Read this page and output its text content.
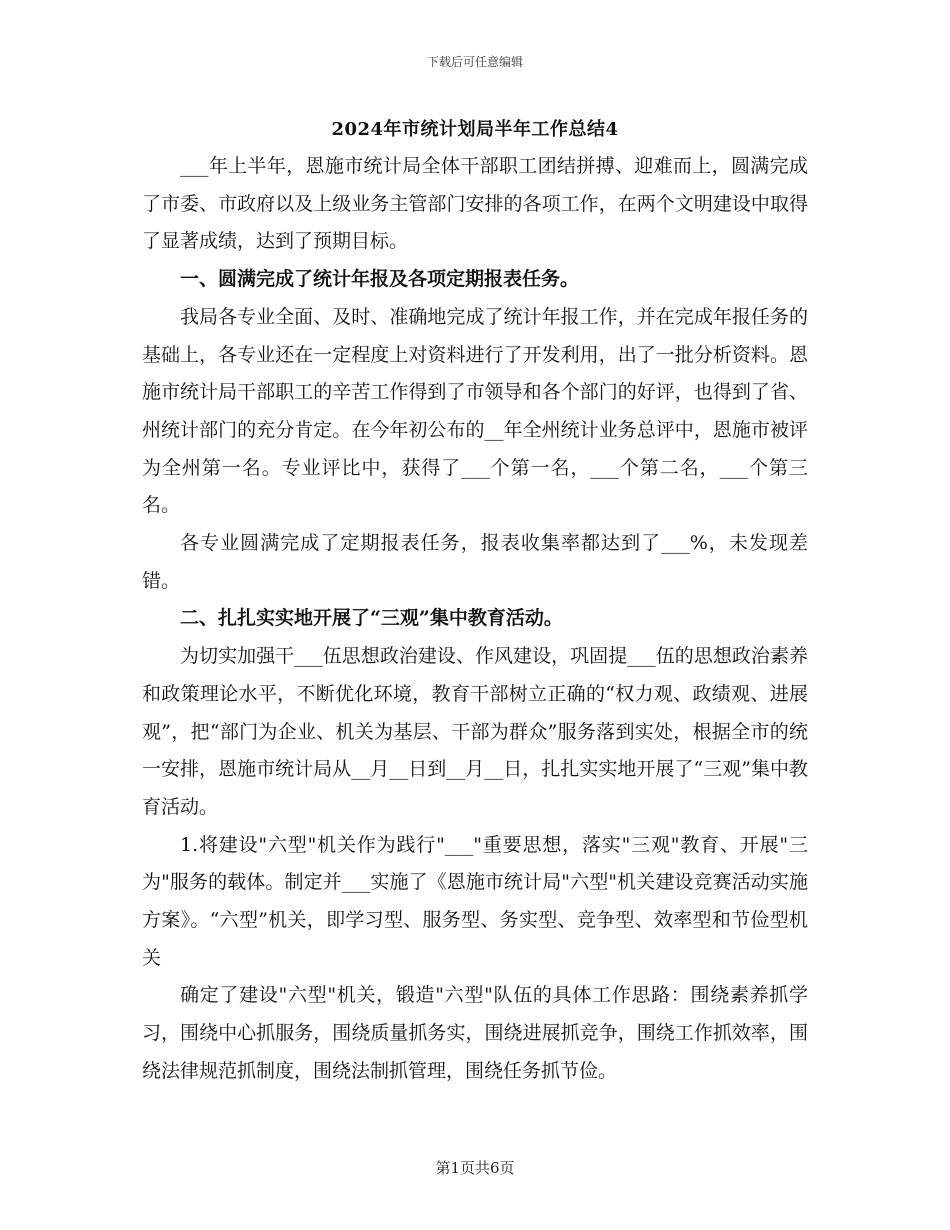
下载后可任意编辑
2024年市统计划局半年工作总结4

___年上半年，恩施市统计局全体干部职工团结拼搏、迎难而上，圆满完成了市委、市政府以及上级业务主管部门安排的各项工作，在两个文明建设中取得了显著成绩，达到了预期目标。

一、圆满完成了统计年报及各项定期报表任务。

我局各专业全面、及时、准确地完成了统计年报工作，并在完成年报任务的基础上，各专业还在一定程度上对资料进行了开发利用，出了一批分析资料。恩施市统计局干部职工的辛苦工作得到了市领导和各个部门的好评，也得到了省、州统计部门的充分肯定。在今年初公布的__年全州统计业务总评中，恩施市被评为全州第一名。专业评比中，获得了___个第一名，___个第二名，___个第三名。

各专业圆满完成了定期报表任务，报表收集率都达到了___%，未发现差错。

二、扎扎实实地开展了“三观”集中教育活动。

为切实加强干___伍思想政治建设、作风建设，巩固提___伍的思想政治素养和政策理论水平，不断优化环境，教育干部树立正确的“权力观、政绩观、进展观”，把“部门为企业、机关为基层、干部为群众”服务落到实处，根据全市的统一安排，恩施市统计局从__月__日到__月__日，扎扎实实地开展了“三观”集中教育活动。

1.将建设"六型"机关作为践行"___"重要思想，落实"三观"教育、开展"三为"服务的载体。制定并___实施了《恩施市统计局"六型"机关建设竞赛活动实施方案》。“六型”机关，即学习型、服务型、务实型、竞争型、效率型和节俭型机关

确定了建设"六型"机关，锻造"六型"队伍的具体工作思路：围绕素养抓学习，围绕中心抓服务，围绕质量抓务实，围绕进展抓竞争，围绕工作抓效率，围绕法律规范抓制度，围绕法制抓管理，围绕任务抓节俭。

第1页共6页
